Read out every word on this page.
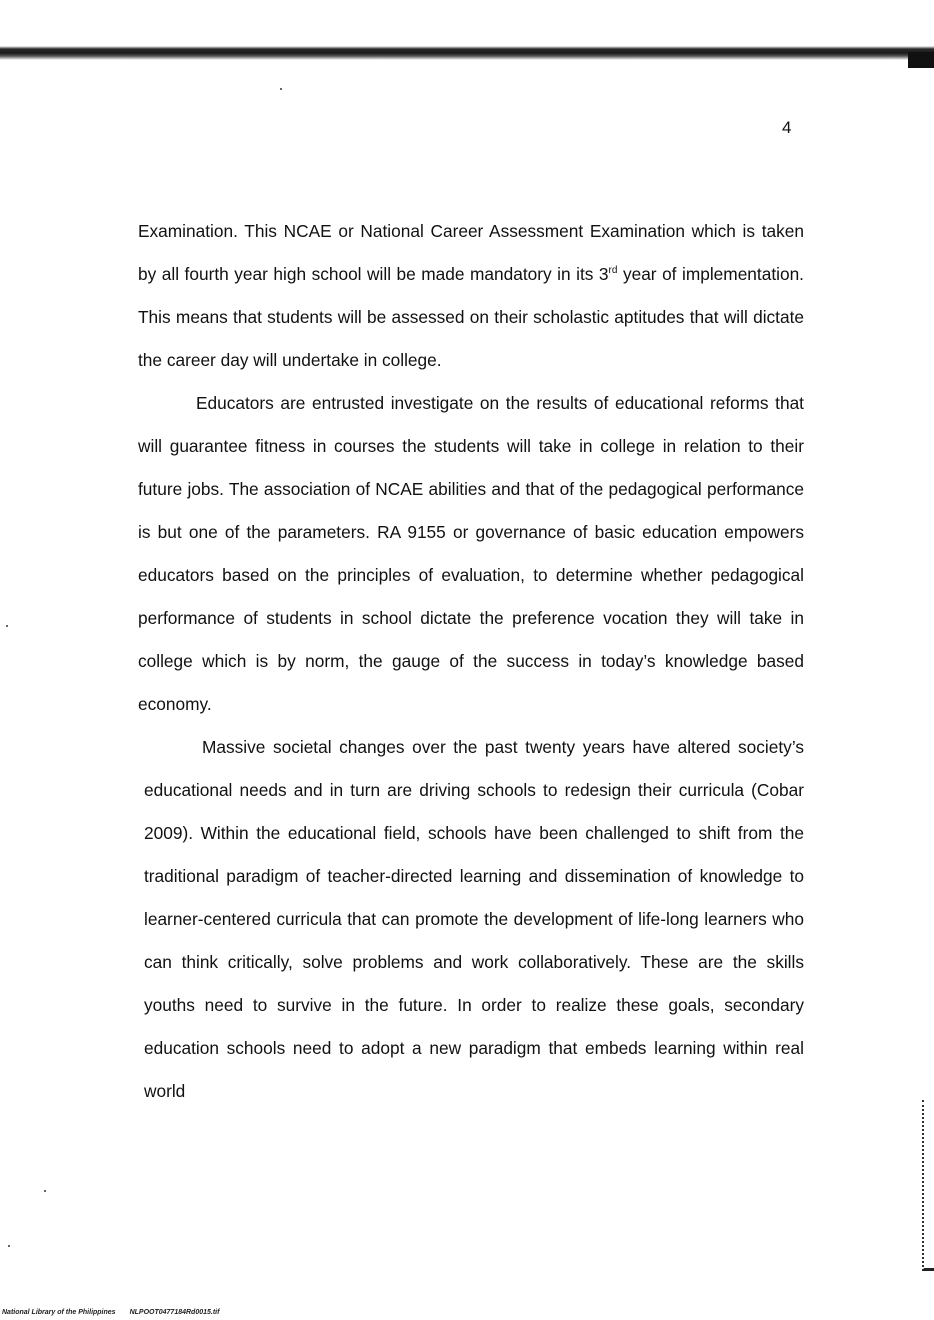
4

Examination. This NCAE or National Career Assessment Examination which is taken by all fourth year high school will be made mandatory in its 3rd year of implementation. This means that students will be assessed on their scholastic aptitudes that will dictate the career day will undertake in college.

Educators are entrusted investigate on the results of educational reforms that will guarantee fitness in courses the students will take in college in relation to their future jobs. The association of NCAE abilities and that of the pedagogical performance is but one of the parameters. RA 9155 or governance of basic education empowers educators based on the principles of evaluation, to determine whether pedagogical performance of students in school dictate the preference vocation they will take in college which is by norm, the gauge of the success in today’s knowledge based economy.

Massive societal changes over the past twenty years have altered society’s educational needs and in turn are driving schools to redesign their curricula (Cobar 2009). Within the educational field, schools have been challenged to shift from the traditional paradigm of teacher-directed learning and dissemination of knowledge to learner-centered curricula that can promote the development of life-long learners who can think critically, solve problems and work collaboratively. These are the skills youths need to survive in the future. In order to realize these goals, secondary education schools need to adopt a new paradigm that embeds learning within real world

National Library of the Philippines NLPOOT0477184Rd0015.tif
